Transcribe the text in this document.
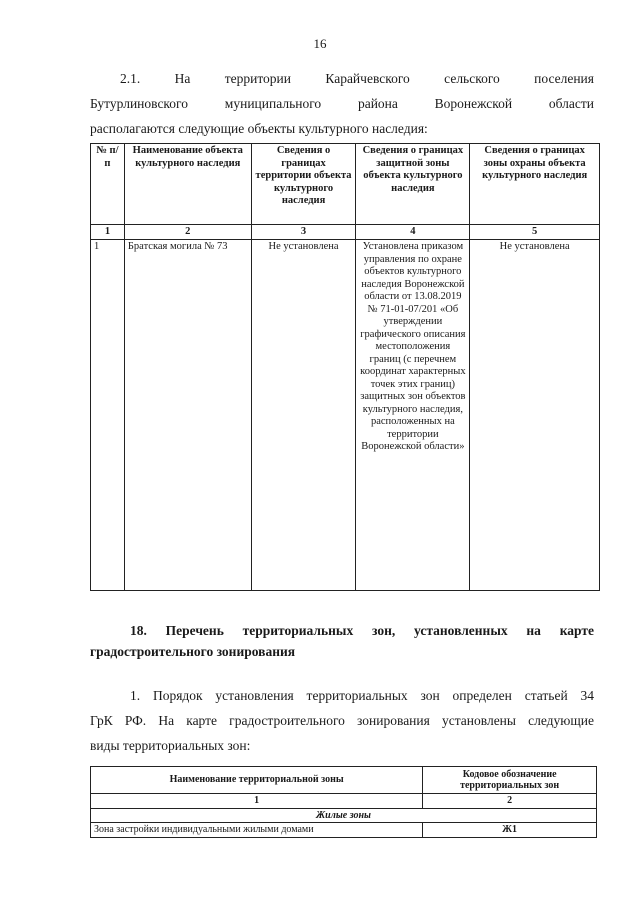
16
2.1. На территории Карайчевского сельского поселения
Бутурлиновского муниципального района Воронежской области
располагаются следующие объекты культурного наследия:
№ п/п	Наименование объекта культурного наследия	Сведения о границах территории объекта культурного наследия	Сведения о границах защитной зоны объекта культурного наследия	Сведения о границах зоны охраны объекта культурного наследия
1	2	3	4	5
1	Братская могила № 73	Не установлена	Установлена приказом управления по охране объектов культурного наследия Воронежской области от 13.08.2019 № 71-01-07/201 «Об утверждении графического описания местоположения границ (с перечнем координат характерных точек этих границ) защитных зон объектов культурного наследия, расположенных на территории Воронежской области»	Не установлена
18. Перечень территориальных зон, установленных на карте
градостроительного зонирования
1. Порядок установления территориальных зон определен статьей 34
ГрК РФ. На карте градостроительного зонирования установлены следующие
виды территориальных зон:
Наименование территориальной зоны	Кодовое обозначение территориальных зон
1	2
Жилые зоны	
Зона застройки индивидуальными жилыми домами	Ж1
